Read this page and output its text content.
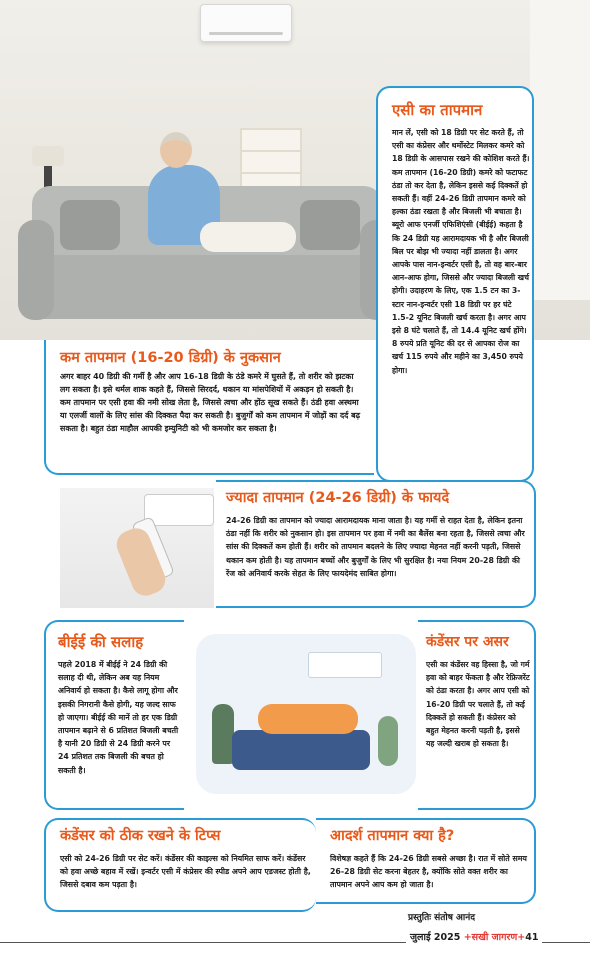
कम तापमान (16-20 डिग्री) के नुकसान
अगर बाहर 40 डिग्री की गर्मी है और आप 16-18 डिग्री के ठंडे कमरे में घुसते हैं, तो शरीर को झटका लग सकता है। इसे थर्मल शाक कहते हैं, जिससे सिरदर्द, थकान या मांसपेशियों में अकड़न हो सकती है। कम तापमान पर एसी हवा की नमी सोख लेता है, जिससे त्वचा और होंठ सूख सकते हैं। ठंडी हवा अस्थमा या एलर्जी वालों के लिए सांस की दिक्कत पैदा कर सकती है। बुजुर्गों को कम तापमान में जोड़ों का दर्द बढ़ सकता है। बहुत ठंडा माहौल आपकी इम्युनिटी को भी कमजोर कर सकता है।
एसी का तापमान
मान लें, एसी को 18 डिग्री पर सेट करते हैं, तो एसी का कंप्रेसर और थर्मोस्टेट मिलकर कमरे को 18 डिग्री के आसपास रखने की कोशिश करते हैं। कम तापमान (16-20 डिग्री) कमरे को फटाफट ठंडा तो कर देता है, लेकिन इससे कई दिक्कतें हो सकती हैं। वहीं 24-26 डिग्री तापमान कमरे को हल्का ठंडा रखता है और बिजली भी बचाता है। ब्यूरो आफ एनर्जी एफिशिएंसी (बीईई) कहता है कि 24 डिग्री यह आरामदायक भी है और बिजली बिल पर बोझ भी ज्यादा नहीं डालता है। अगर आपके पास नान-इन्वर्टर एसी है, तो वह बार-बार आन-आफ होगा, जिससे और ज्यादा बिजली खर्च होगी। उदाहरण के लिए, एक 1.5 टन का 3-स्टार नान-इन्वर्टर एसी 18 डिग्री पर हर घंटे 1.5-2 यूनिट बिजली खर्च करता है। अगर आप इसे 8 घंटे चलाते हैं, तो 14.4 यूनिट खर्च होंगे। 8 रुपये प्रति यूनिट की दर से आपका रोज का खर्च 115 रुपये और महीने का 3,450 रुपये होगा।
ज्यादा तापमान (24-26 डिग्री) के फायदे
24-26 डिग्री का तापमान को ज्यादा आरामदायक माना जाता है। यह गर्मी से राहत देता है, लेकिन इतना ठंडा नहीं कि शरीर को नुकसान हो। इस तापमान पर हवा में नमी का बैलेंस बना रहता है, जिससे त्वचा और सांस की दिक्कतें कम होती हैं। शरीर को तापमान बदलने के लिए ज्यादा मेहनत नहीं करनी पड़ती, जिससे थकान कम होती है। यह तापमान बच्चों और बुजुर्गों के लिए भी सुरक्षित है। नया नियम 20-28 डिग्री की रेंज को अनिवार्य करके सेहत के लिए फायदेमंद साबित होगा।
बीईई की सलाह
पहले 2018 में बीईई ने 24 डिग्री की सलाह दी थी, लेकिन अब यह नियम अनिवार्य हो सकता है। कैसे लागू होगा और इसकी निगरानी कैसे होगी, यह जल्द साफ हो जाएगा। बीईई की मानें तो हर एक डिग्री तापमान बढ़ाने से 6 प्रतिशत बिजली बचती है यानी 20 डिग्री से 24 डिग्री करने पर 24 प्रतिशत तक बिजली की बचत हो सकती है।
कंडेंसर पर असर
एसी का कंडेंसर वह हिस्सा है, जो गर्म हवा को बाहर फेंकता है और रेफ्रिजरेंट को ठंडा करता है। अगर आप एसी को 16-20 डिग्री पर चलाते हैं, तो कई दिक्कतें हो सकती हैं। कंप्रेसर को बहुत मेहनत करनी पड़ती है, इससे यह जल्दी खराब हो सकता है।
कंडेंसर को ठीक रखने के टिप्स
एसी को 24-26 डिग्री पर सेट करें। कंडेंसर की काइल्स को नियमित साफ करें। कंडेंसर को हवा अच्छे बहाव में रखें। इन्वर्टर एसी में कंप्रेसर की स्पीड अपने आप एडजस्ट होती है, जिससे दबाव कम पड़ता है।
आदर्श तापमान क्या है?
विशेषज्ञ कहते हैं कि 24-26 डिग्री सबसे अच्छा है। रात में सोते समय 26-28 डिग्री सेट करना बेहतर है, क्योंकि सोते वक्त शरीर का तापमान अपने आप कम हो जाता है।
प्रस्तुतिः संतोष आनंद
जुलाई 2025 +सखी जागरण+41
